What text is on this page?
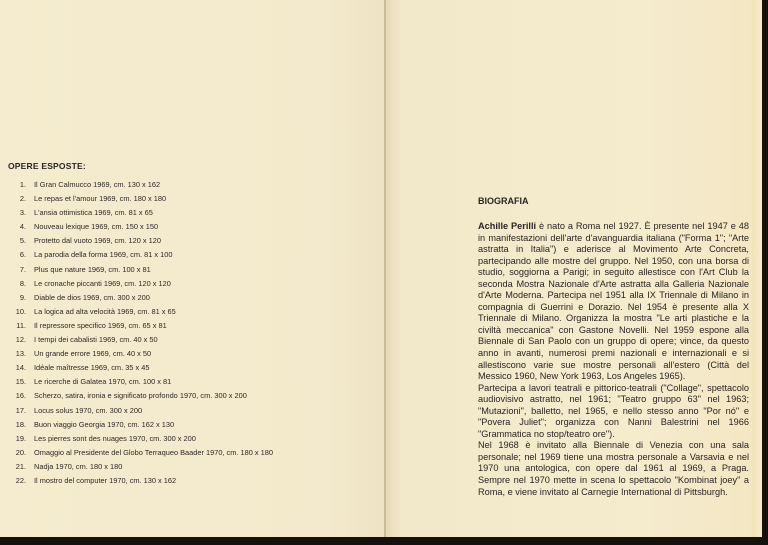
OPERE ESPOSTE:
1.	Il Gran Calmucco 1969, cm. 130 x 162
2.	Le repas et l'amour 1969, cm. 180 x 180
3.	L'ansia ottimistica 1969, cm. 81 x 65
4.	Nouveau lexique 1969, cm. 150 x 150
5.	Protetto dal vuoto 1969, cm. 120 x 120
6.	La parodia della forma 1969, cm. 81 x 100
7.	Plus que nature 1969, cm. 100 x 81
8.	Le cronache piccanti 1969, cm. 120 x 120
9.	Diable de dios 1969, cm. 300 x 200
10.	La logica ad alta velocità 1969, cm. 81 x 65
11.	Il repressore specifico 1969, cm. 65 x 81
12.	I tempi dei cabalisti 1969, cm. 40 x 50
13.	Un grande errore 1969, cm. 40 x 50
14.	Idéale maîtresse 1969, cm. 35 x 45
15.	Le ricerche di Galatea 1970, cm. 100 x 81
16.	Scherzo, satira, ironia e significato profondo 1970, cm. 300 x 200
17.	Locus solus 1970, cm. 300 x 200
18.	Buon viaggio Georgia 1970, cm. 162 x 130
19.	Les pierres sont des nuages 1970, cm. 300 x 200
20.	Omaggio al Presidente del Globo Terraqueo Baader 1970, cm. 180 x 180
21.	Nadja 1970, cm. 180 x 180
22.	Il mostro del computer 1970, cm. 130 x 162
BIOGRAFIA

Achille Perilli è nato a Roma nel 1927. È presente nel 1947 e 48 in manifestazioni dell'arte d'avanguardia italiana ("Forma 1"; "Arte astratta in Italia") e aderisce al Movimento Arte Concreta, partecipando alle mostre del gruppo. Nel 1950, con una borsa di studio, soggiorna a Parigi; in seguito allestisce con l'Art Club la seconda Mostra Nazionale d'Arte astratta alla Galleria Nazionale d'Arte Moderna. Partecipa nel 1951 alla IX Triennale di Milano in compagnia di Guerrini e Dorazio. Nel 1954 è presente alla X Triennale di Milano. Organizza la mostra "Le arti plastiche e la civiltà meccanica" con Gastone Novelli. Nel 1959 espone alla Biennale di San Paolo con un gruppo di opere; vince, da questo anno in avanti, numerosi premi nazionali e internazionali e si allestiscono varie sue mostre personali all'estero (Città del Messico 1960, New York 1963, Los Angeles 1965).

Partecipa a lavori teatrali e pittorico-teatrali ("Collage", spettacolo audiovisivo astratto, nel 1961; "Teatro gruppo 63" nel 1963; "Mutazioni", balletto, nel 1965, e nello stesso anno "Por nó" e "Povera Juliet"; organizza con Nanni Balestrini nel 1966 "Grammatica no stop/teatro ore").

Nel 1968 è invitato alla Biennale di Venezia con una sala personale; nel 1969 tiene una mostra personale a Varsavia e nel 1970 una antologica, con opere dal 1961 al 1969, a Praga. Sempre nel 1970 mette in scena lo spettacolo "Kombinat joey" a Roma, e viene invitato al Carnegie International di Pittsburgh.
